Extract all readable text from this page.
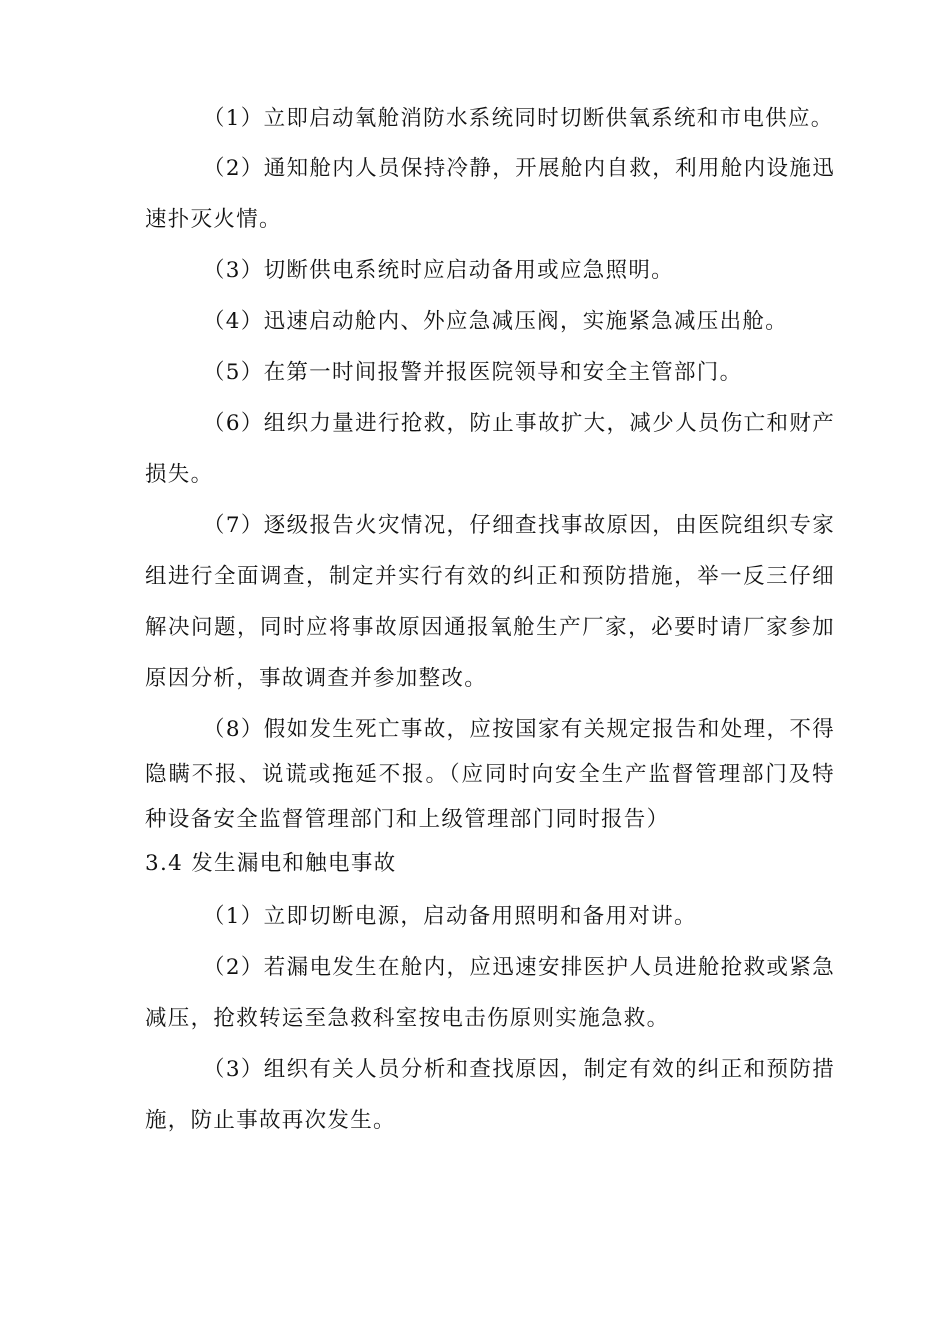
（1）立即启动氧舱消防水系统同时切断供氧系统和市电供应。

（2）通知舱内人员保持冷静，开展舱内自救，利用舱内设施迅速扑灭火情。

（3）切断供电系统时应启动备用或应急照明。

（4）迅速启动舱内、外应急减压阀，实施紧急减压出舱。

（5）在第一时间报警并报医院领导和安全主管部门。

（6）组织力量进行抢救，防止事故扩大，减少人员伤亡和财产损失。

（7）逐级报告火灾情况，仔细查找事故原因，由医院组织专家组进行全面调查，制定并实行有效的纠正和预防措施，举一反三仔细解决问题，同时应将事故原因通报氧舱生产厂家，必要时请厂家参加原因分析，事故调查并参加整改。

（8）假如发生死亡事故，应按国家有关规定报告和处理，不得隐瞒不报、说谎或拖延不报。（应同时向安全生产监督管理部门及特种设备安全监督管理部门和上级管理部门同时报告）

3.4 发生漏电和触电事故

（1）立即切断电源，启动备用照明和备用对讲。

（2）若漏电发生在舱内，应迅速安排医护人员进舱抢救或紧急减压，抢救转运至急救科室按电击伤原则实施急救。

（3）组织有关人员分析和查找原因，制定有效的纠正和预防措施，防止事故再次发生。
